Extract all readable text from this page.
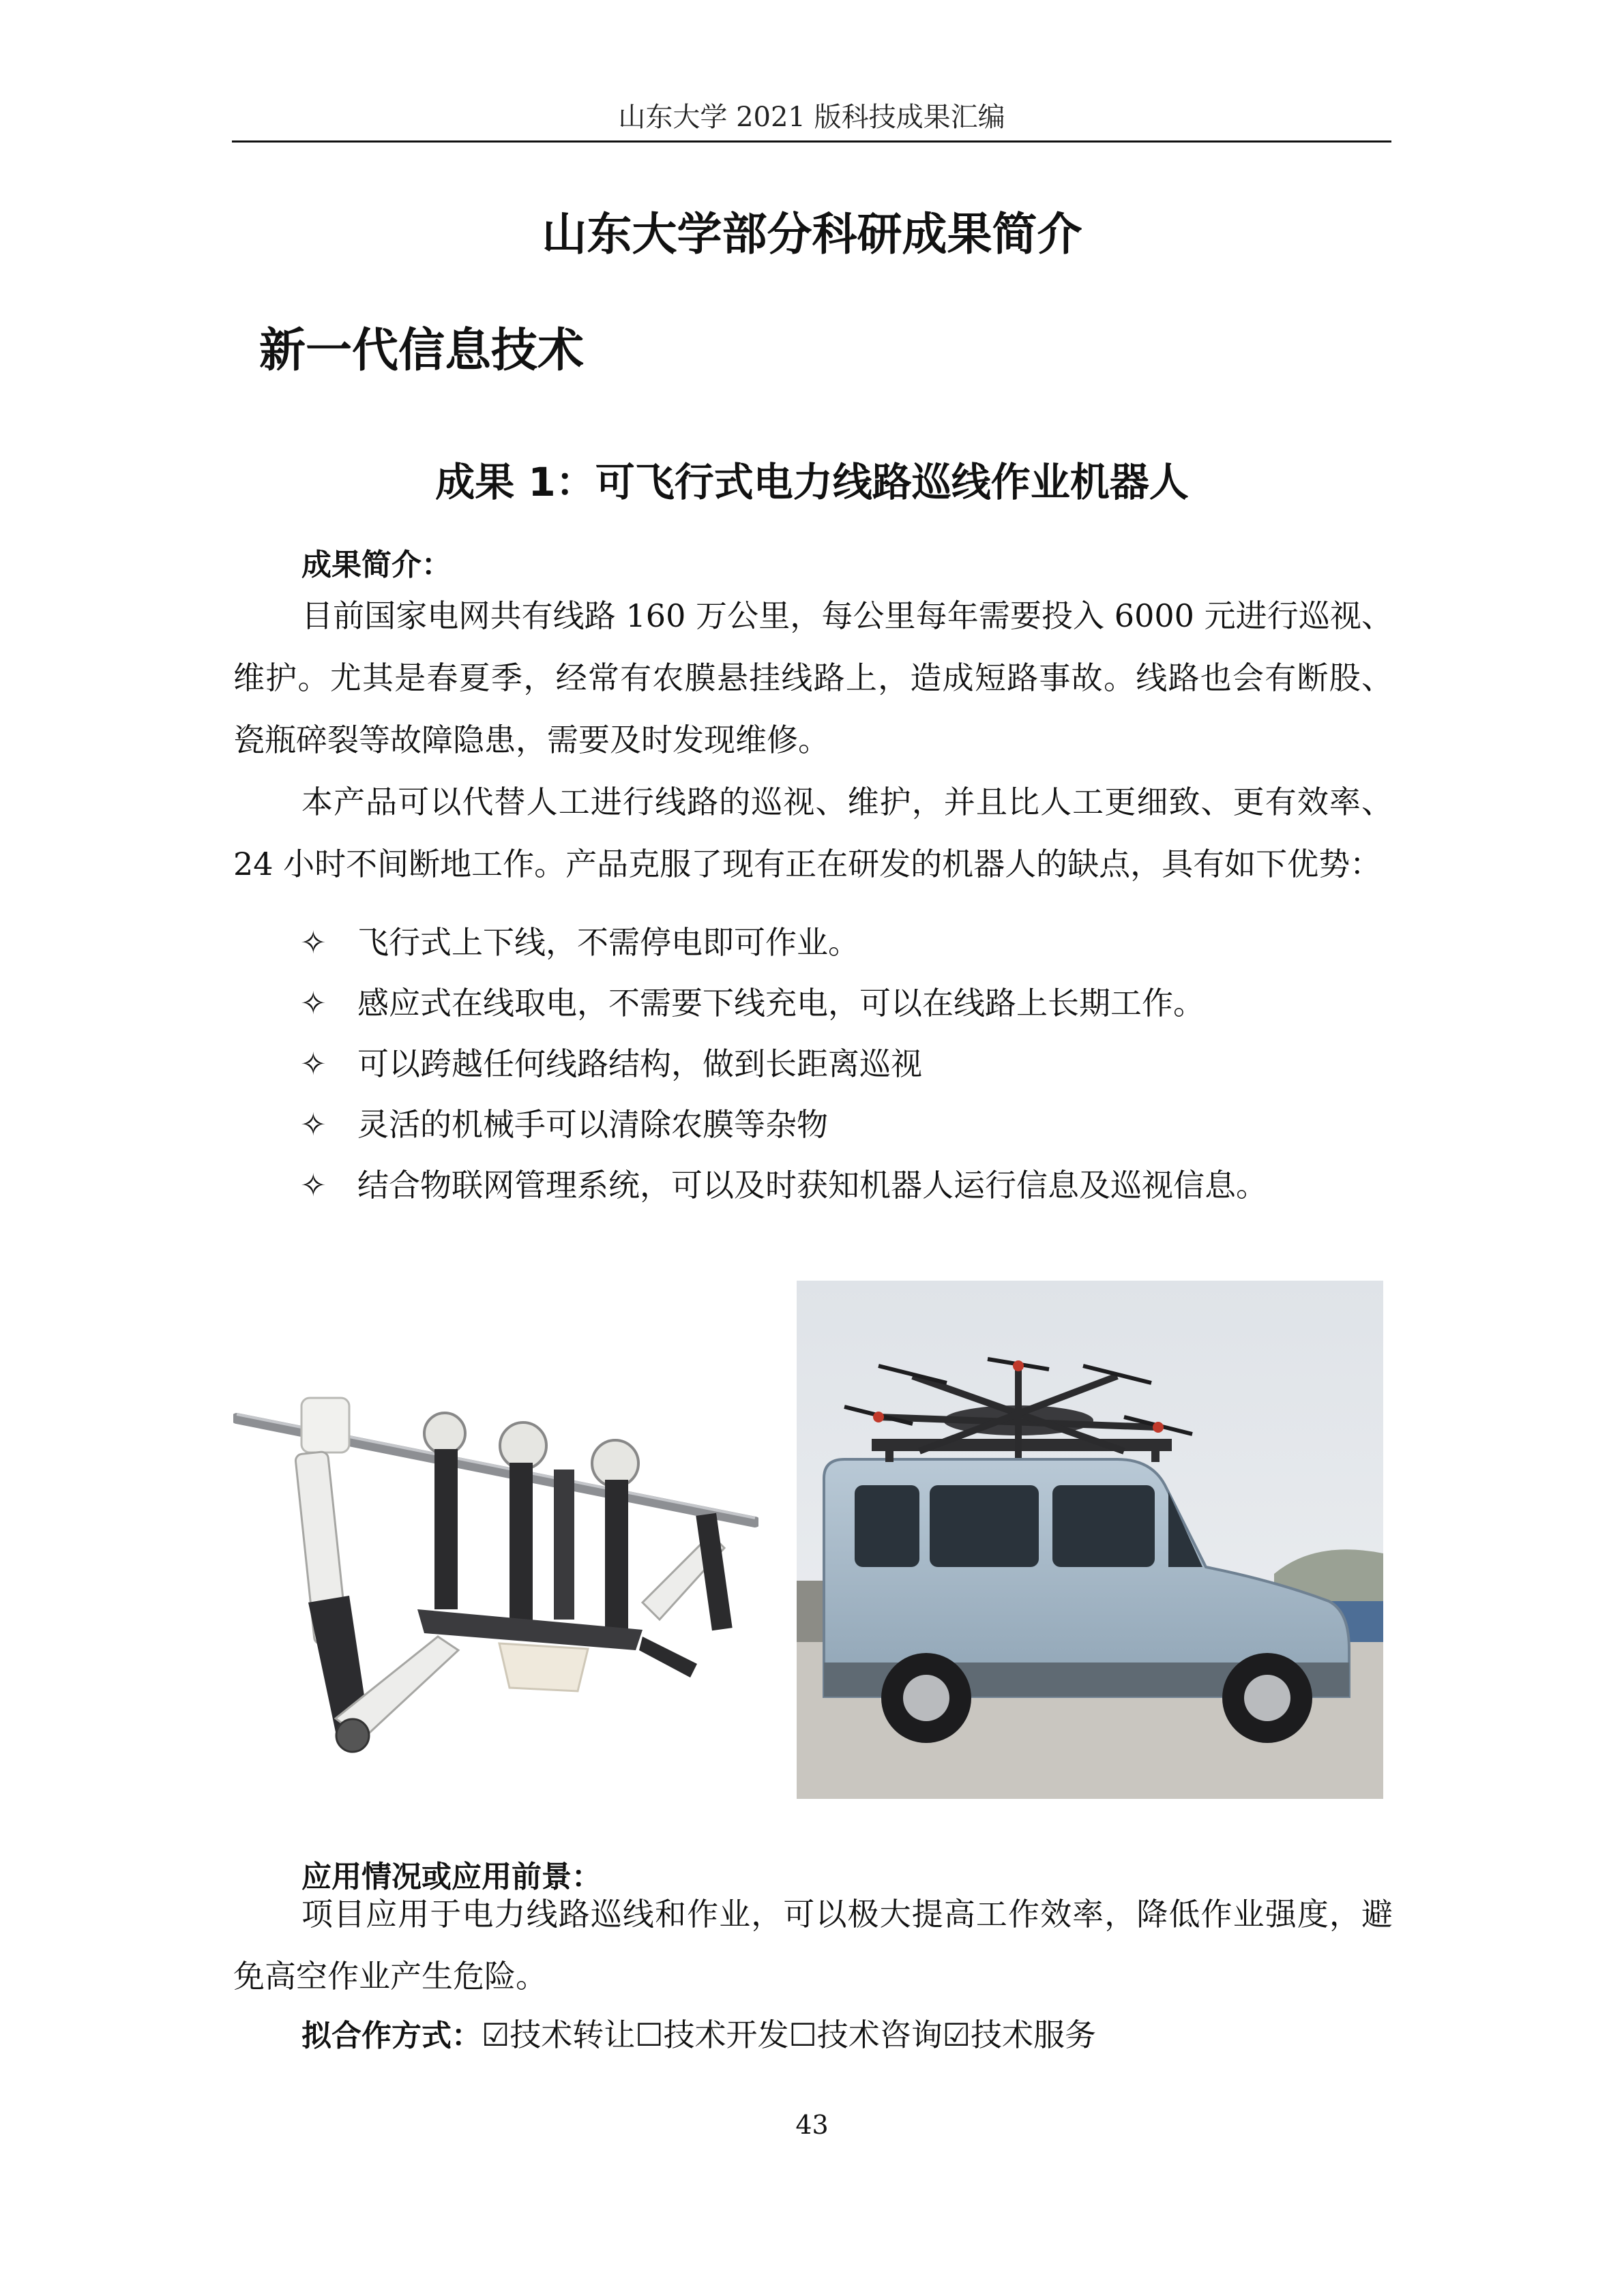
山东大学 2021 版科技成果汇编
山东大学部分科研成果简介
新一代信息技术
成果 1：可飞行式电力线路巡线作业机器人
成果简介：
目前国家电网共有线路 160 万公里，每公里每年需要投入 6000 元进行巡视、维护。尤其是春夏季，经常有农膜悬挂线路上，造成短路事故。线路也会有断股、瓷瓶碎裂等故障隐患，需要及时发现维修。
本产品可以代替人工进行线路的巡视、维护，并且比人工更细致、更有效率、24 小时不间断地工作。产品克服了现有正在研发的机器人的缺点，具有如下优势：
✧ 飞行式上下线，不需停电即可作业。
✧ 感应式在线取电，不需要下线充电，可以在线路上长期工作。
✧ 可以跨越任何线路结构，做到长距离巡视
✧ 灵活的机械手可以清除农膜等杂物
✧ 结合物联网管理系统，可以及时获知机器人运行信息及巡视信息。
应用情况或应用前景：
项目应用于电力线路巡线和作业，可以极大提高工作效率，降低作业强度，避免高空作业产生危险。
拟合作方式：☑技术转让☐技术开发☐技术咨询☑技术服务
43
